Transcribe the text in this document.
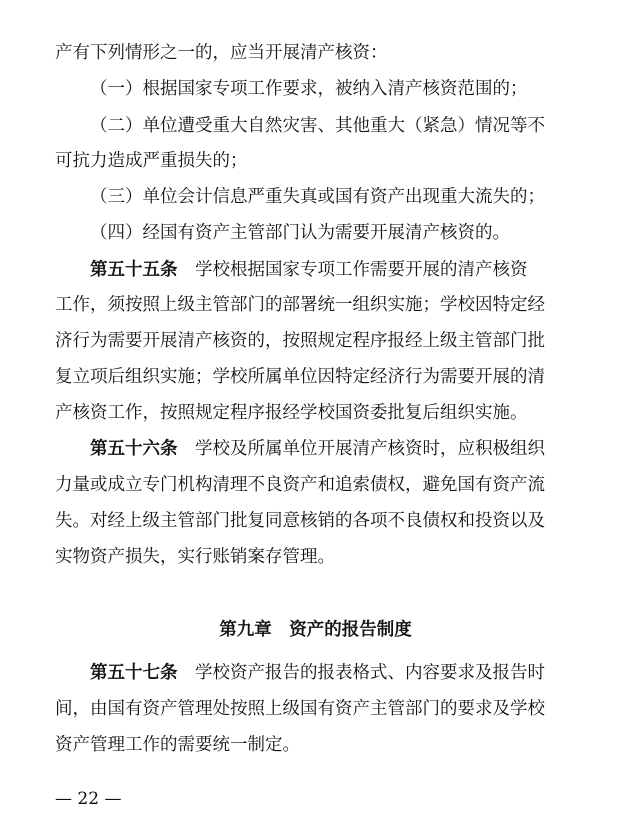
产有下列情形之一的，应当开展清产核资：
（一）根据国家专项工作要求，被纳入清产核资范围的；
（二）单位遭受重大自然灾害、其他重大（紧急）情况等不
可抗力造成严重损失的；
（三）单位会计信息严重失真或国有资产出现重大流失的；
（四）经国有资产主管部门认为需要开展清产核资的。
第五十五条　 学校根据国家专项工作需要开展的清产核资
工作，须按照上级主管部门的部署统一组织实施；学校因特定经
济行为需要开展清产核资的，按照规定程序报经上级主管部门批
复立项后组织实施；学校所属单位因特定经济行为需要开展的清
产核资工作，按照规定程序报经学校国资委批复后组织实施。
第五十六条　 学校及所属单位开展清产核资时，应积极组织
力量或成立专门机构清理不良资产和追索债权，避免国有资产流
失。对经上级主管部门批复同意核销的各项不良债权和投资以及
实物资产损失，实行账销案存管理。
第九章　资产的报告制度
第五十七条　 学校资产报告的报表格式、内容要求及报告时
间，由国有资产管理处按照上级国有资产主管部门的要求及学校
资产管理工作的需要统一制定。
— 22 —
